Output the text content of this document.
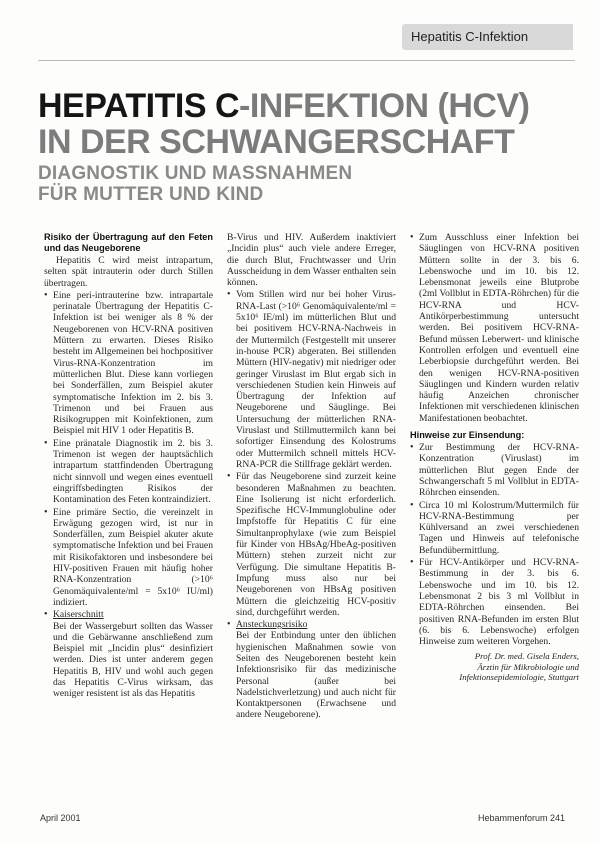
Hepatitis C-Infektion
HEPATITIS C-INFEKTION (HCV)
IN DER SCHWANGERSCHAFT
DIAGNOSTIK UND MASSNAHMEN
FÜR MUTTER UND KIND

Risiko der Übertragung auf den Feten und das Neugeborene

Hepatitis C wird meist intrapartum, selten spät intrauterin oder durch Stillen übertragen.

• Eine peri-intrauterine bzw. intrapartale perinatale Übertragung der Hepatitis C-Infektion ist bei weniger als 8 % der Neugeborenen von HCV-RNA positiven Müttern zu erwarten. Dieses Risiko besteht im Allgemeinen bei hochpositiver Virus-RNA-Konzentration im mütterlichen Blut. Diese kann vorliegen bei Sonderfällen, zum Beispiel akuter symptomatische Infektion im 2. bis 3. Trimenon und bei Frauen aus Risikogruppen mit Koinfektionen, zum Beispiel mit HIV 1 oder Hepatitis B.

• Eine pränatale Diagnostik im 2. bis 3. Trimenon ist wegen der hauptsächlich intrapartum stattfindenden Übertragung nicht sinnvoll und wegen eines eventuell eingriffsbedingten Risikos der Kontamination des Feten kontraindiziert.

• Eine primäre Sectio, die vereinzelt in Erwägung gezogen wird, ist nur in Sonderfällen, zum Beispiel akuter akute symptomatische Infektion und bei Frauen mit Risikofaktoren und insbesondere bei HIV-positiven Frauen mit häufig hoher RNA-Konzentration (>10⁶ Genomäquivalente/ml = 5x10⁶ IU/ml) indiziert.

• Kaiserschnitt
Bei der Wassergeburt sollten das Wasser und die Gebärwanne anschließend zum Beispiel mit „Incidin plus“ desinfiziert werden. Dies ist unter anderem gegen Hepatitis B, HIV und wohl auch gegen das Hepatitis C-Virus wirksam, das weniger resistent ist als das Hepatitis

B-Virus und HIV. Außerdem inaktiviert „Incidin plus“ auch viele andere Erreger, die durch Blut, Fruchtwasser und Urin Ausscheidung in dem Wasser enthalten sein können.

• Vom Stillen wird nur bei hoher Virus-RNA-Last (>10⁶ Genomäquivalente/ml = 5x10⁶ IE/ml) im mütterlichen Blut und bei positivem HCV-RNA-Nachweis in der Muttermilch (Festgestellt mit unserer in-house PCR) abgeraten. Bei stillenden Müttern (HIV-negativ) mit niedriger oder geringer Viruslast im Blut ergab sich in verschiedenen Studien kein Hinweis auf Übertragung der Infektion auf Neugeborene und Säuglinge. Bei Untersuchung der mütterlichen RNA-Viruslast und Stillmuttermilch kann bei sofortiger Einsendung des Kolostrums oder Muttermilch schnell mittels HCV-RNA-PCR die Stillfrage geklärt werden.

• Für das Neugeborene sind zurzeit keine besonderen Maßnahmen zu beachten. Eine Isolierung ist nicht erforderlich. Spezifische HCV-Immunglobuline oder Impfstoffe für Hepatitis C für eine Simultanprophylaxe (wie zum Beispiel für Kinder von HBsAg/HbeAg-positiven Müttern) stehen zurzeit nicht zur Verfügung. Die simultane Hepatitis B-Impfung muss also nur bei Neugeborenen von HBsAg positiven Müttern die gleichzeitig HCV-positiv sind, durchgeführt werden.

• Ansteckungsrisiko
Bei der Entbindung unter den üblichen hygienischen Maßnahmen sowie von Seiten des Neugeborenen besteht kein Infektionsrisiko für das medizinische Personal (außer bei Nadelstichverletzung) und auch nicht für Kontaktpersonen (Erwachsene und andere Neugeborene).

• Zum Ausschluss einer Infektion bei Säuglingen von HCV-RNA positiven Müttern sollte in der 3. bis 6. Lebenswoche und im 10. bis 12. Lebensmonat jeweils eine Blutprobe (2ml Vollblut in EDTA-Röhrchen) für die HCV-RNA und HCV-Antikörperbestimmung untersucht werden. Bei positivem HCV-RNA-Befund müssen Leberwert- und klinische Kontrollen erfolgen und eventuell eine Leberbiopsie durchgeführt werden. Bei den wenigen HCV-RNA-positiven Säuglingen und Kindern wurden relativ häufig Anzeichen chronischer Infektionen mit verschiedenen klinischen Manifestationen beobachtet.

Hinweise zur Einsendung:

• Zur Bestimmung der HCV-RNA-Konzentration (Viruslast) im mütterlichen Blut gegen Ende der Schwangerschaft 5 ml Vollblut in EDTA-Röhrchen einsenden.

• Circa 10 ml Kolostrum/Muttermilch für HCV-RNA-Bestimmung per Kühlversand an zwei verschiedenen Tagen und Hinweis auf telefonische Befundübermittlung.

• Für HCV-Antikörper und HCV-RNA-Bestimmung in der 3. bis 6. Lebenswoche und im 10. bis 12. Lebensmonat 2 bis 3 ml Vollblut in EDTA-Röhrchen einsenden. Bei positiven RNA-Befunden im ersten Blut (6. bis 6. Lebenswoche) erfolgen Hinweise zum weiteren Vorgehen.

Prof. Dr. med. Gisela Enders,
Ärztin für Mikrobiologie und
Infektionsepidemiologie, Stuttgart
April 2001	Hebammenforum 241
